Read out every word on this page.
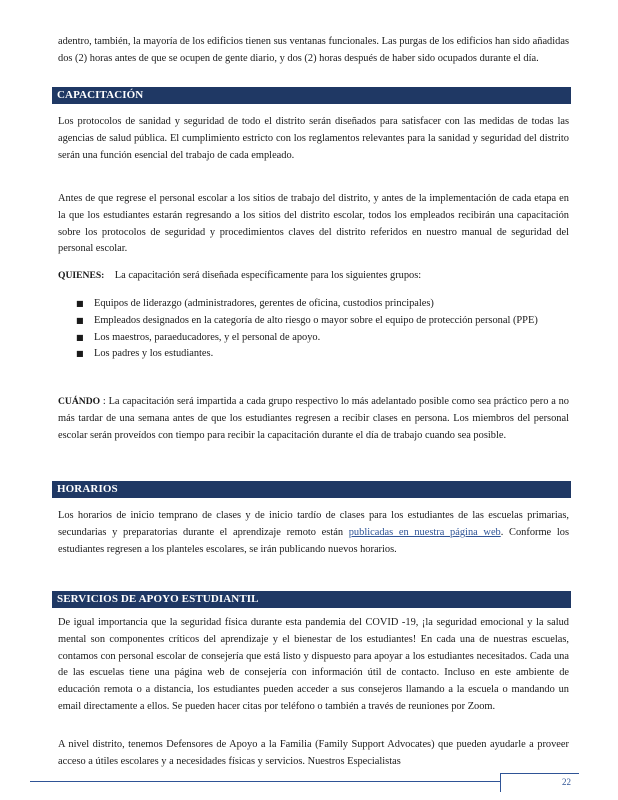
adentro, también, la mayoría de los edificios tienen sus ventanas funcionales. Las purgas de los edificios han sido añadidas dos (2) horas antes de que se ocupen de gente diario, y dos (2) horas después de haber sido ocupados durante el día.

CAPACITACIÓN

Los protocolos de sanidad y seguridad de todo el distrito serán diseñados para satisfacer con las medidas de todas las agencias de salud pública. El cumplimiento estricto con los reglamentos relevantes para la sanidad y seguridad del distrito serán una función esencial del trabajo de cada empleado.

Antes de que regrese el personal escolar a los sitios de trabajo del distrito, y antes de la implementación de cada etapa en la que los estudiantes estarán regresando a los sitios del distrito escolar, todos los empleados recibirán una capacitación sobre los protocolos de seguridad y procedimientos claves del distrito referidos en nuestro manual de seguridad del personal escolar.

QUIENES: La capacitación será diseñada específicamente para los siguientes grupos:

■ Equipos de liderazgo (administradores, gerentes de oficina, custodios principales)
■ Empleados designados en la categoría de alto riesgo o mayor sobre el equipo de protección personal (PPE)
■ Los maestros, paraeducadores, y el personal de apoyo.
■ Los padres y los estudiantes.

CUÁNDO : La capacitación será impartida a cada grupo respectivo lo más adelantado posible como sea práctico pero a no más tardar de una semana antes de que los estudiantes regresen a recibir clases en persona. Los miembros del personal escolar serán proveídos con tiempo para recibir la capacitación durante el día de trabajo cuando sea posible.

HORARIOS

Los horarios de inicio temprano de clases y de inicio tardío de clases para los estudiantes de las escuelas primarias, secundarias y preparatorias durante el aprendizaje remoto están publicadas en nuestra página web. Conforme los estudiantes regresen a los planteles escolares, se irán publicando nuevos horarios.

SERVICIOS DE APOYO ESTUDIANTIL

De igual importancia que la seguridad física durante esta pandemia del COVID -19, ¡la seguridad emocional y la salud mental son componentes críticos del aprendizaje y el bienestar de los estudiantes! En cada una de nuestras escuelas, contamos con personal escolar de consejería que está listo y dispuesto para apoyar a los estudiantes necesitados. Cada una de las escuelas tiene una página web de consejería con información útil de contacto. Incluso en este ambiente de educación remota o a distancia, los estudiantes pueden acceder a sus consejeros llamando a la escuela o mandando un email directamente a ellos. Se pueden hacer citas por teléfono o también a través de reuniones por Zoom.

A nivel distrito, tenemos Defensores de Apoyo a la Familia (Family Support Advocates) que pueden ayudarle a proveer acceso a útiles escolares y a necesidades físicas y servicios. Nuestros Especialistas

22
